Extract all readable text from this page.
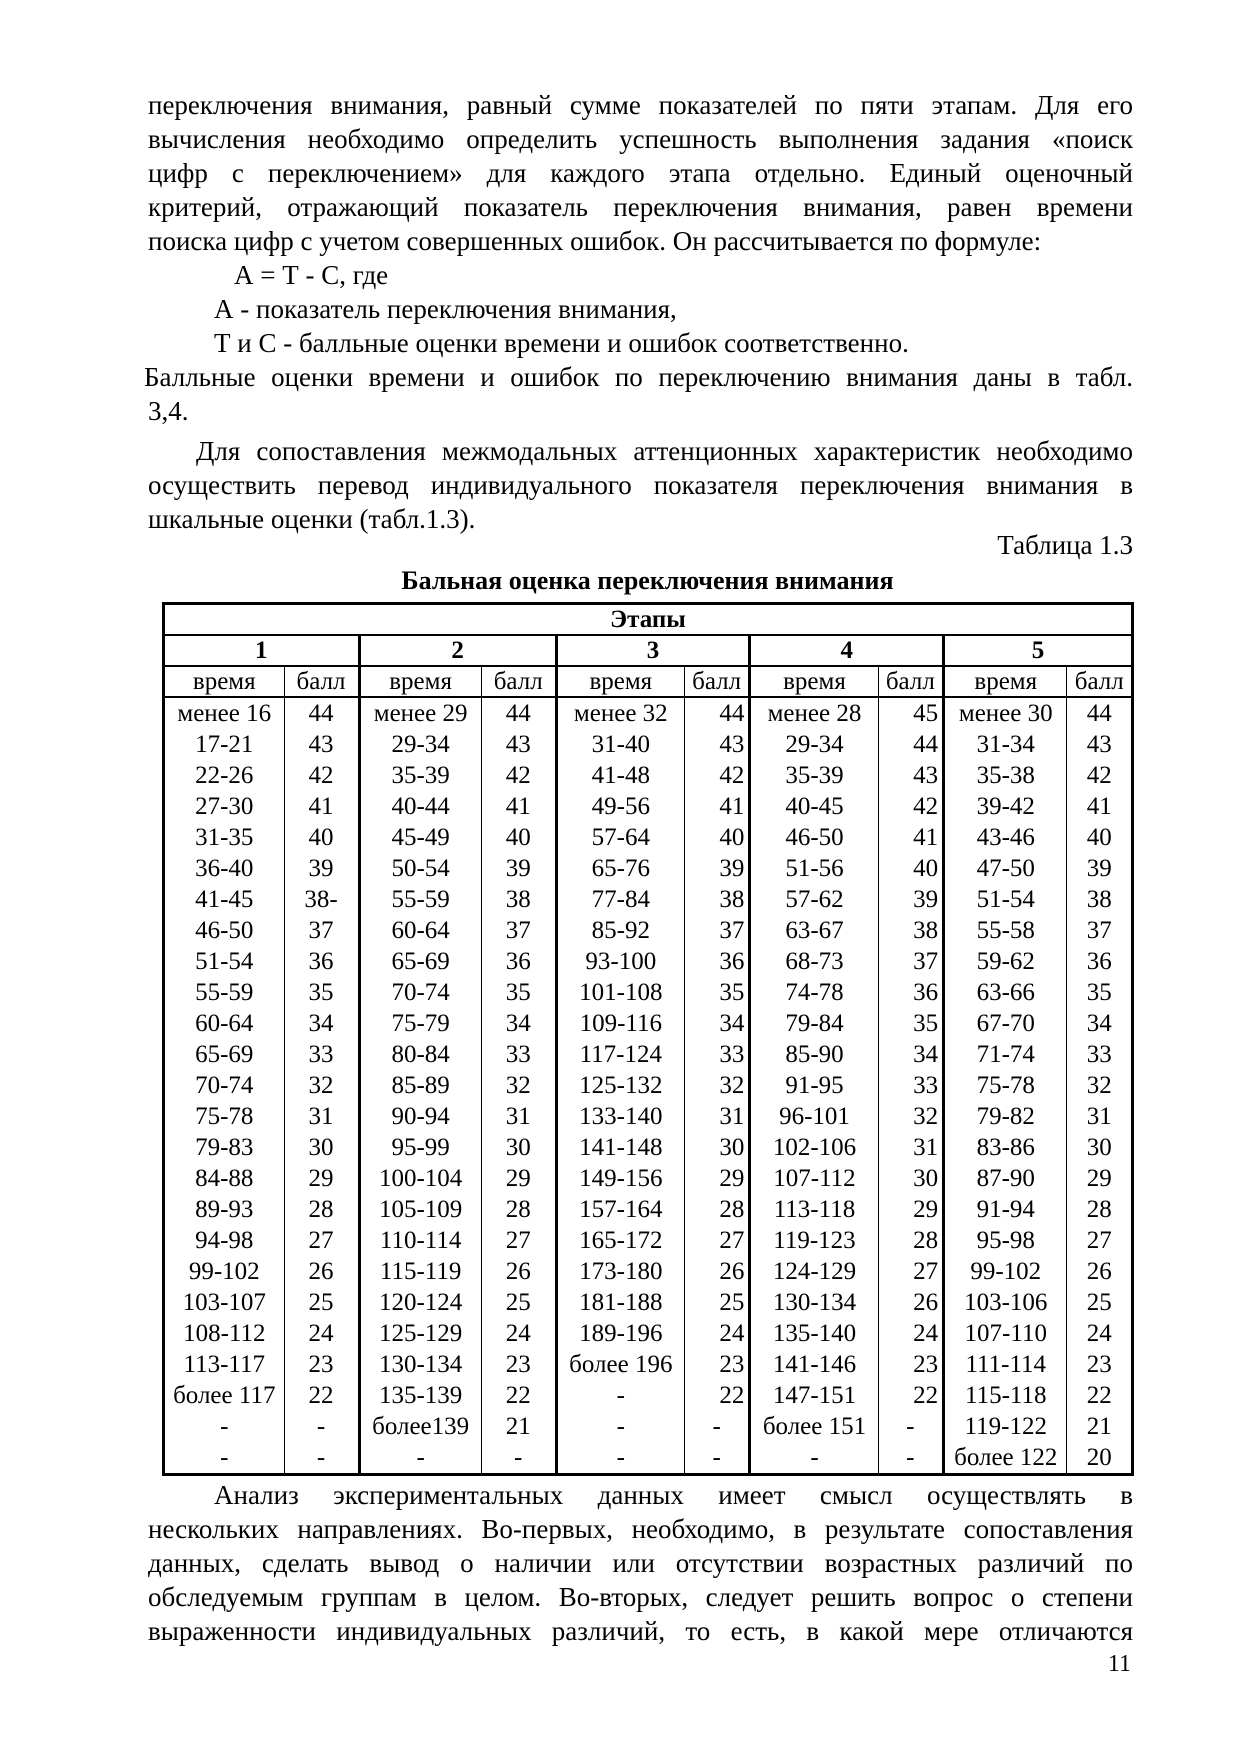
переключения внимания, равный сумме показателей по пяти этапам. Для его
вычисления необходимо определить успешность выполнения задания «поиск
цифр с переключением» для каждого этапа отдельно. Единый оценочный
критерий, отражающий показатель переключения внимания, равен времени
поиска цифр с учетом совершенных ошибок. Он рассчитывается по формуле:
А = Т - С, где
А - показатель переключения внимания,
Т и С - балльные оценки времени и ошибок соответственно.
Балльные оценки времени и ошибок по переключению внимания даны в табл.
3,4.
Для сопоставления межмодальных аттенционных характеристик необходимо
осуществить перевод индивидуального показателя переключения внимания в
шкальные оценки (табл.1.3).
Таблица 1.3
Бальная оценка переключения внимания
Этапы									
1		2		3		4		5	
время	балл	время	балл	время	балл	время	балл	время	балл
менее 16	44	менее 29	44	менее 32	44	менее 28	45	менее 30	44
17-21	43	29-34	43	31-40	43	29-34	44	31-34	43
22-26	42	35-39	42	41-48	42	35-39	43	35-38	42
27-30	41	40-44	41	49-56	41	40-45	42	39-42	41
31-35	40	45-49	40	57-64	40	46-50	41	43-46	40
36-40	39	50-54	39	65-76	39	51-56	40	47-50	39
41-45	38-	55-59	38	77-84	38	57-62	39	51-54	38
46-50	37	60-64	37	85-92	37	63-67	38	55-58	37
51-54	36	65-69	36	93-100	36	68-73	37	59-62	36
55-59	35	70-74	35	101-108	35	74-78	36	63-66	35
60-64	34	75-79	34	109-116	34	79-84	35	67-70	34
65-69	33	80-84	33	117-124	33	85-90	34	71-74	33
70-74	32	85-89	32	125-132	32	91-95	33	75-78	32
75-78	31	90-94	31	133-140	31	96-101	32	79-82	31
79-83	30	95-99	30	141-148	30	102-106	31	83-86	30
84-88	29	100-104	29	149-156	29	107-112	30	87-90	29
89-93	28	105-109	28	157-164	28	113-118	29	91-94	28
94-98	27	110-114	27	165-172	27	119-123	28	95-98	27
99-102	26	115-119	26	173-180	26	124-129	27	99-102	26
103-107	25	120-124	25	181-188	25	130-134	26	103-106	25
108-112	24	125-129	24	189-196	24	135-140	24	107-110	24
113-117	23	130-134	23	более 196	23	141-146	23	111-114	23
более 117	22	135-139	22	-	22	147-151	22	115-118	22
-	-	более139	21	-	-	более 151	-	119-122	21
-	-	-	-	-	-	-	-	более 122	20
Анализ экспериментальных данных имеет смысл осуществлять в
нескольких направлениях. Во-первых, необходимо, в результате сопоставления
данных, сделать вывод о наличии или отсутствии возрастных различий по
обследуемым группам в целом. Во-вторых, следует решить вопрос о степени
выраженности индивидуальных различий, то есть, в какой мере отличаются
11
